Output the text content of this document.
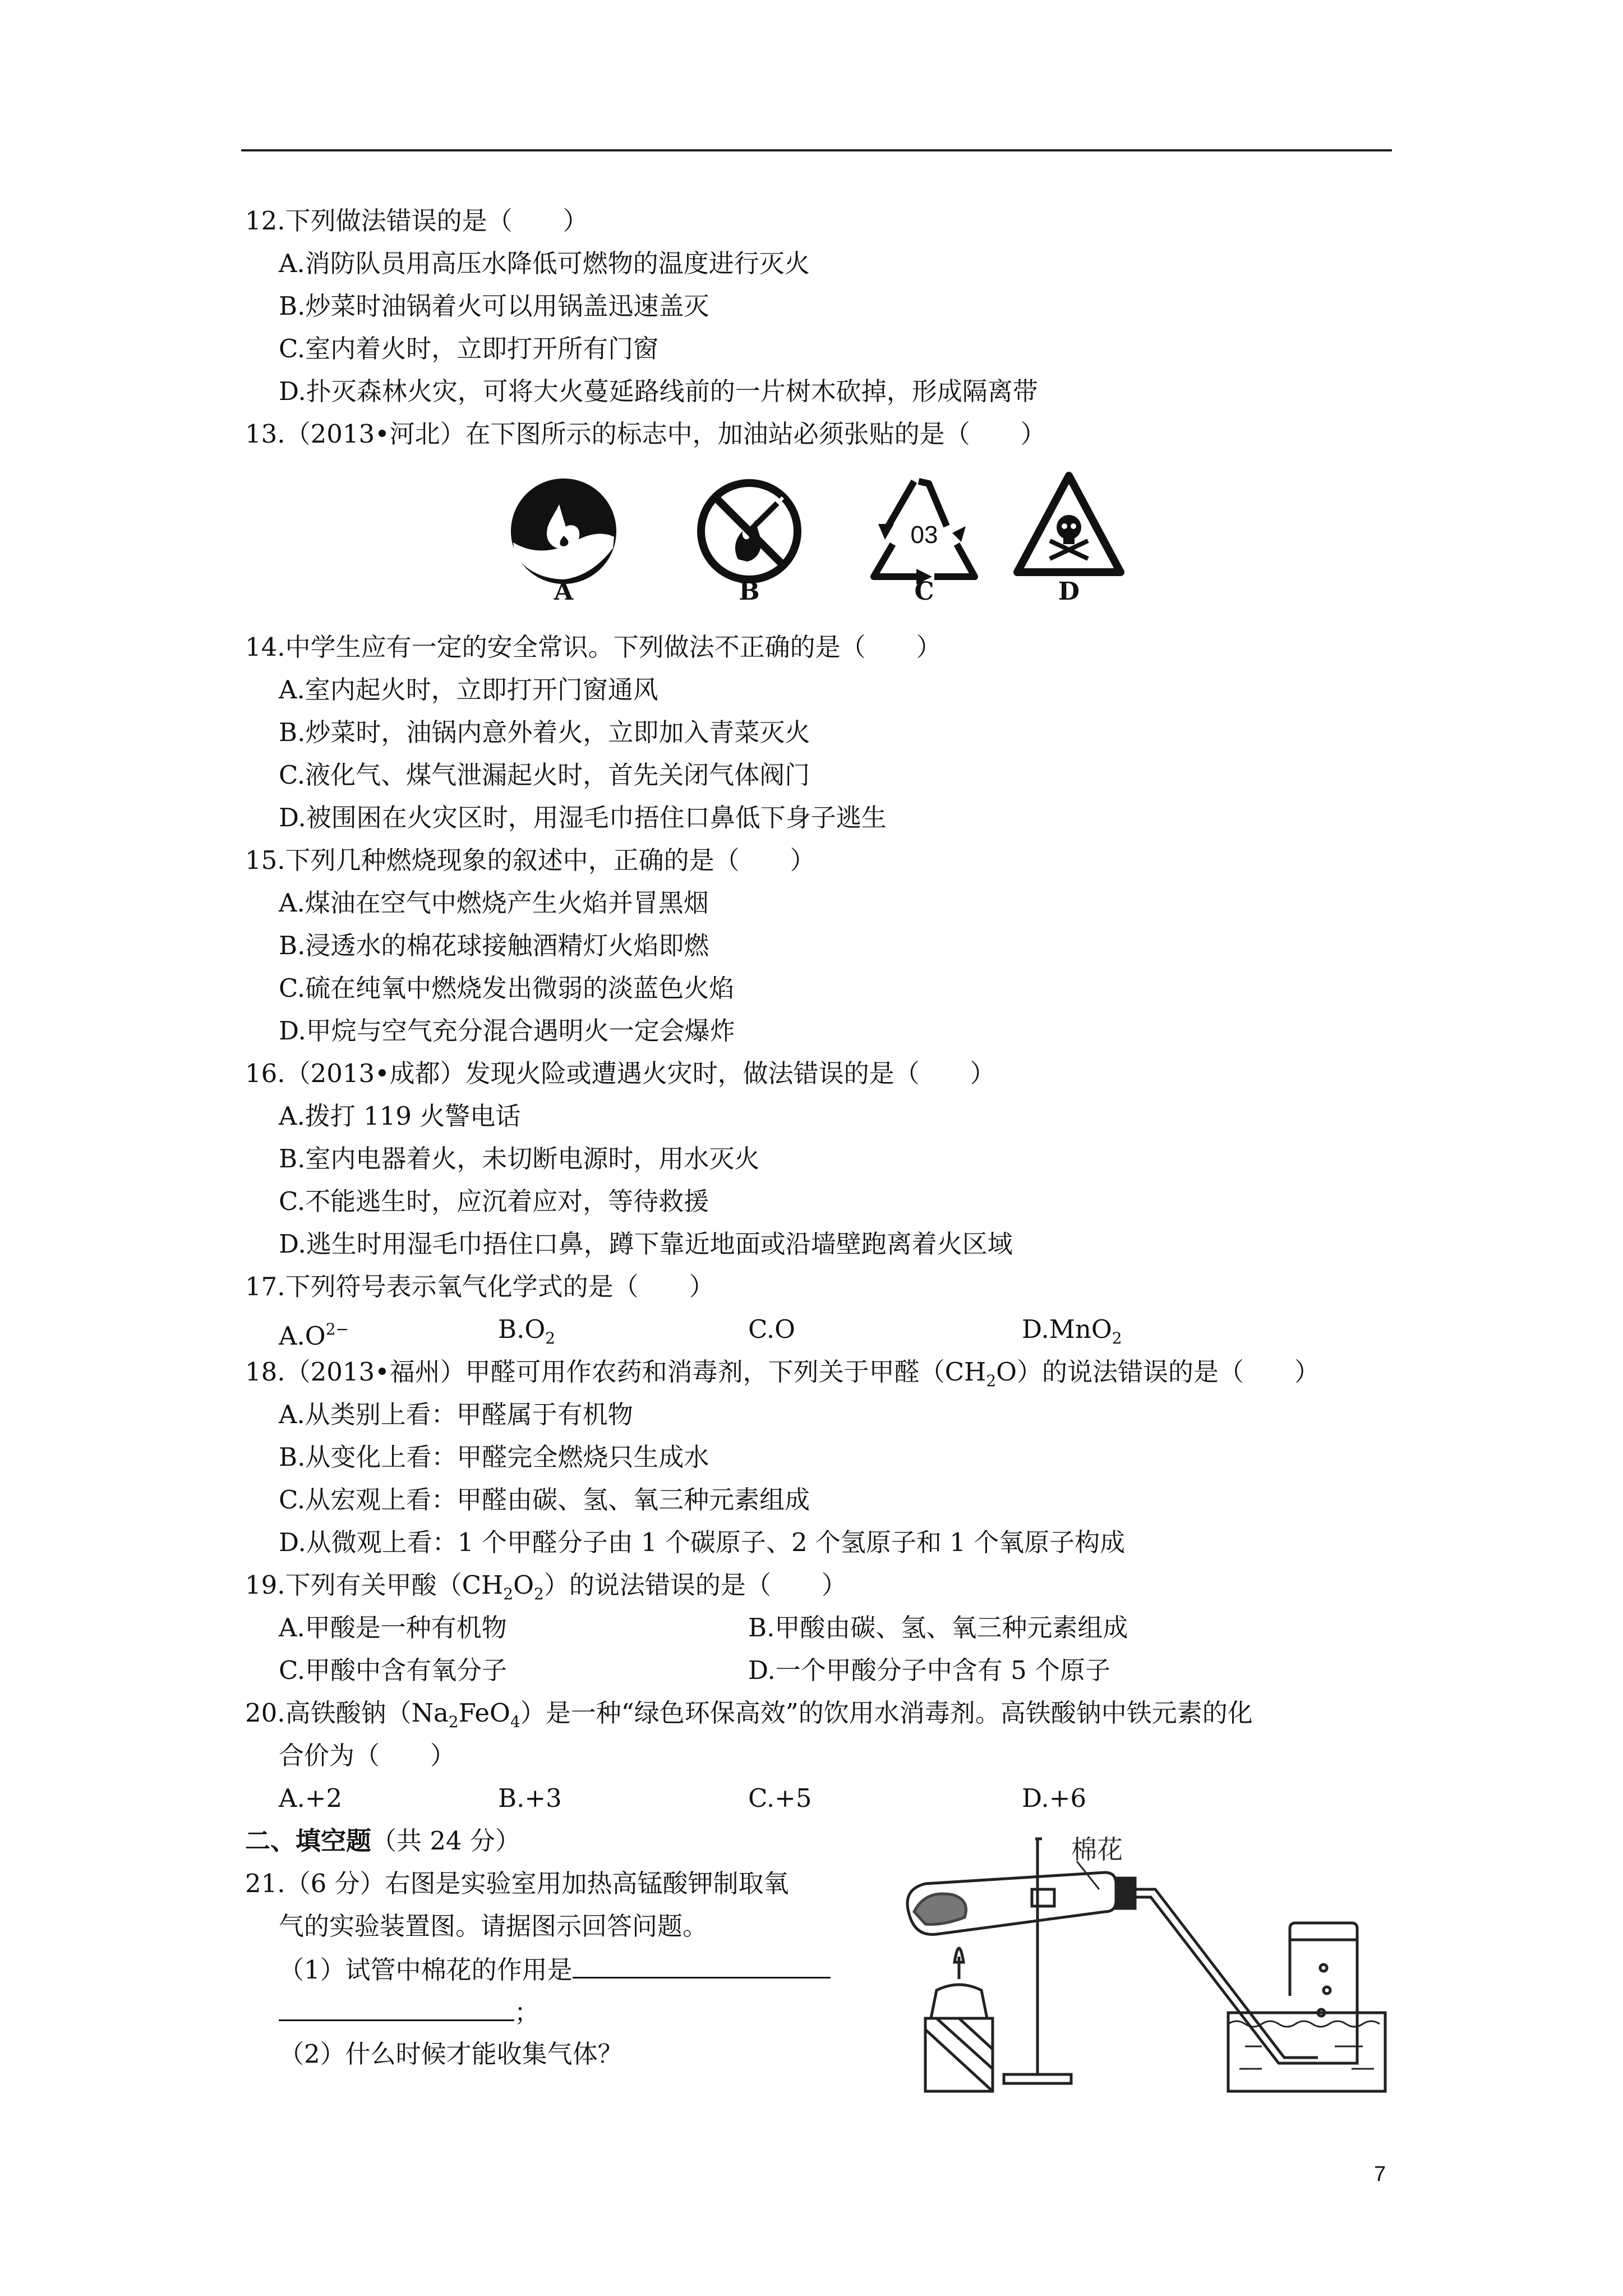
12.下列做法错误的是（　　）
A.消防队员用高压水降低可燃物的温度进行灭火
B.炒菜时油锅着火可以用锅盖迅速盖灭
C.室内着火时，立即打开所有门窗
D.扑灭森林火灾，可将大火蔓延路线前的一片树木砍掉，形成隔离带
13.（2013•河北）在下图所示的标志中，加油站必须张贴的是（　　）
A	B
03
C	D
14.中学生应有一定的安全常识。下列做法不正确的是（　　）
A.室内起火时，立即打开门窗通风
B.炒菜时，油锅内意外着火，立即加入青菜灭火
C.液化气、煤气泄漏起火时，首先关闭气体阀门
D.被围困在火灾区时，用湿毛巾捂住口鼻低下身子逃生
15.下列几种燃烧现象的叙述中，正确的是（　　）
A.煤油在空气中燃烧产生火焰并冒黑烟
B.浸透水的棉花球接触酒精灯火焰即燃
C.硫在纯氧中燃烧发出微弱的淡蓝色火焰
D.甲烷与空气充分混合遇明火一定会爆炸
16.（2013•成都）发现火险或遭遇火灾时，做法错误的是（　　）
A.拨打 119 火警电话
B.室内电器着火，未切断电源时，用水灭火
C.不能逃生时，应沉着应对，等待救援
D.逃生时用湿毛巾捂住口鼻，蹲下靠近地面或沿墙壁跑离着火区域
17.下列符号表示氧气化学式的是（　　）
$A.O^{2-}$	$B.O_2$	C.O	D.MnO$_2$
18.（2013•福州）甲醛可用作农药和消毒剂，下列关于甲醛$(CH_2O)$的说法错误的是（　　）
A.从类别上看：甲醛属于有机物
B.从变化上看：甲醛完全燃烧只生成水
C.从宏观上看：甲醛由碳、氢、氧三种元素组成
D.从微观上看：1 个甲醛分子由 1 个碳原子、2 个氢原子和 1 个氧原子构成
19.下列有关甲酸$(CH_2O_2)$的说法错误的是（　　）
A.甲酸是一种有机物	B.甲酸由碳、氢、氧三种元素组成
C.甲酸中含有氧分子	D.一个甲酸分子中含有 5 个原子
20.高铁酸钠$(Na_2FeO_4)$是一种“绿色环保高效”的饮用水消毒剂。高铁酸钠中铁元素的化
合价为（　　）
A.+2	B.+3	C.+5	D.+6
二、填空题（共 24 分）
21.（6 分）右图是实验室用加热高锰酸钾制取氧
气的实验装置图。请据图示回答问题。
（1）试管中棉花的作用是
；
（2）什么时候才能收集气体？
棉花
7
